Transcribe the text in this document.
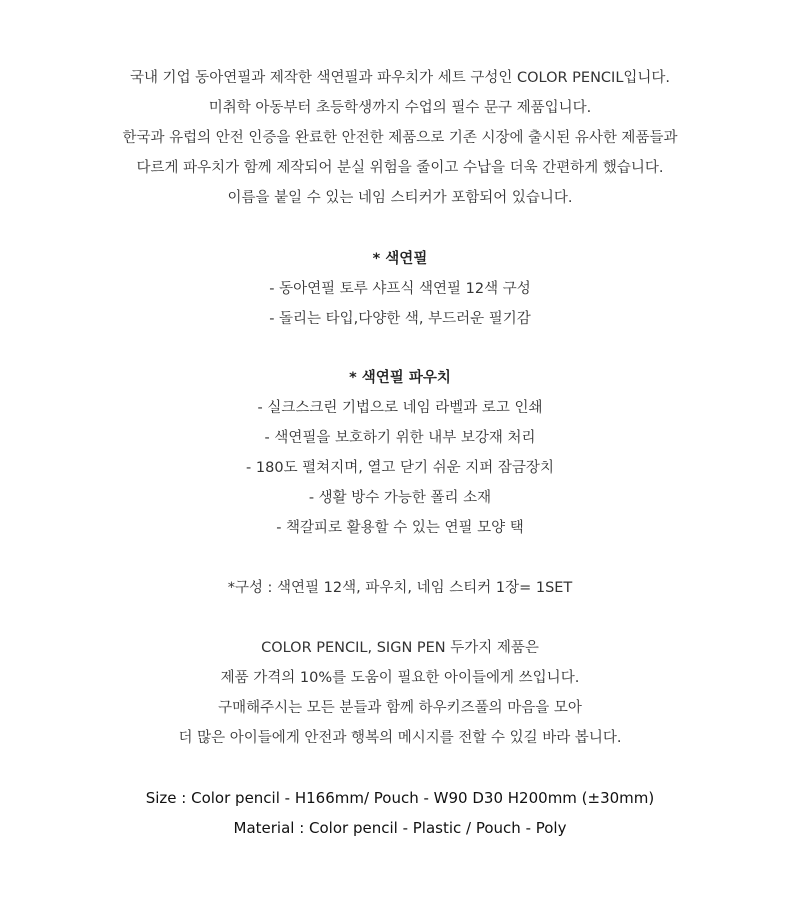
국내 기업 동아연필과 제작한 색연필과 파우치가 세트 구성인 COLOR PENCIL입니다.
미취학 아동부터 초등학생까지 수업의 필수 문구 제품입니다.
한국과 유럽의 안전 인증을 완료한 안전한 제품으로 기존 시장에 출시된 유사한 제품들과
다르게 파우치가 함께 제작되어 분실 위험을 줄이고 수납을 더욱 간편하게 했습니다.
이름을 붙일 수 있는 네임 스티커가 포함되어 있습니다.
* 색연필
- 동아연필 토루 샤프식 색연필 12색 구성
- 돌리는 타입,다양한 색, 부드러운 필기감
* 색연필 파우치
- 실크스크린 기법으로 네임 라벨과 로고 인쇄
- 색연필을 보호하기 위한 내부 보강재 처리
- 180도 펼쳐지며, 열고 닫기 쉬운 지퍼 잠금장치
- 생활 방수 가능한 폴리 소재
- 책갈피로 활용할 수 있는 연필 모양 택
*구성 : 색연필 12색, 파우치, 네임 스티커 1장= 1SET
COLOR PENCIL, SIGN PEN 두가지 제품은
제품 가격의 10%를 도움이 필요한 아이들에게 쓰입니다.
구매해주시는 모든 분들과 함께 하우키즈풀의 마음을 모아
더 많은 아이들에게 안전과 행복의 메시지를 전할 수 있길 바라 봅니다.
Size : Color pencil - H166mm/ Pouch - W90 D30 H200mm (±30mm)
Material : Color pencil - Plastic / Pouch - Poly
